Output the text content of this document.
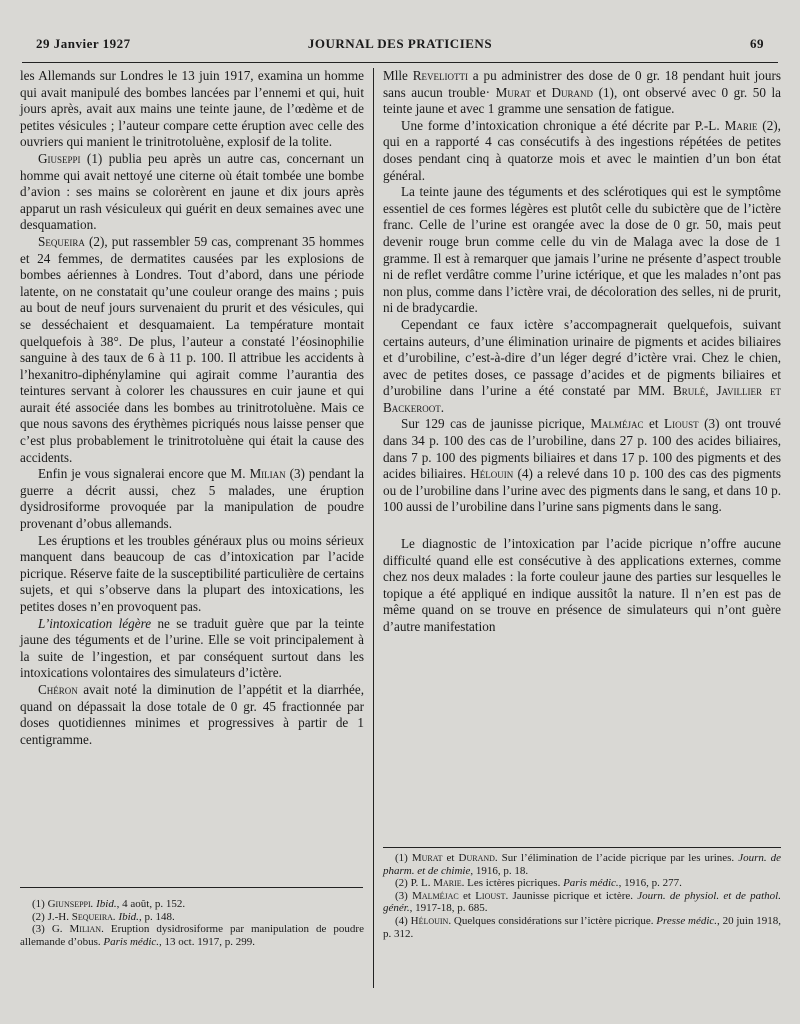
29 Janvier 1927	JOURNAL DES PRATICIENS	69

les Allemands sur Londres le 13 juin 1917, examina un homme qui avait manipulé des bombes lancées par l’ennemi et qui, huit jours après, avait aux mains une teinte jaune, de l’œdème et de petites vésicules ; l’auteur compare cette éruption avec celle des ouvriers qui manient le trinitrotoluène, explosif de la tolite.

Giuseppi (1) publia peu après un autre cas, concernant un homme qui avait nettoyé une citerne où était tombée une bombe d’avion : ses mains se colorèrent en jaune et dix jours après apparut un rash vésiculeux qui guérit en deux semaines avec une desquamation.

Sequeira (2), put rassembler 59 cas, comprenant 35 hommes et 24 femmes, de dermatites causées par les explosions de bombes aériennes à Londres. Tout d’abord, dans une période latente, on ne constatait qu’une couleur orange des mains ; puis au bout de neuf jours survenaient du prurit et des vésicules, qui se desséchaient et desquamaient. La température montait quelquefois à 38°. De plus, l’auteur a constaté l’éosinophilie sanguine à des taux de 6 à 11 p. 100. Il attribue les accidents à l’hexanitro-diphénylamine qui agirait comme l’aurantia des teintures servant à colorer les chaussures en cuir jaune et qui aurait été associée dans les bombes au trinitrotoluène. Mais ce que nous savons des érythèmes picriqués nous laisse penser que c’est plus probablement le trinitrotoluène qui était la cause des accidents.

Enfin je vous signalerai encore que M. Milian (3) pendant la guerre a décrit aussi, chez 5 malades, une éruption dysidrosiforme provoquée par la manipulation de poudre provenant d’obus allemands.

Les éruptions et les troubles généraux plus ou moins sérieux manquent dans beaucoup de cas d’intoxication par l’acide picrique. Réserve faite de la susceptibilité particulière de certains sujets, et qui s’observe dans la plupart des intoxications, les petites doses n’en provoquent pas.

L’intoxication légère ne se traduit guère que par la teinte jaune des téguments et de l’urine. Elle se voit principalement à la suite de l’ingestion, et par conséquent surtout dans les intoxications volontaires des simulateurs d’ictère.

Chéron avait noté la diminution de l’appétit et la diarrhée, quand on dépassait la dose totale de 0 gr. 45 fractionnée par doses quotidiennes minimes et progressives à partir de 1 centigramme.

(1) Giunseppi. Ibid., 4 août, p. 152.

(2) J.-H. Sequeira. Ibid., p. 148.

(3) G. Milian. Eruption dysidrosiforme par manipulation de poudre allemande d’obus. Paris médic., 13 oct. 1917, p. 299.

Mlle Reveliotti a pu administrer des dose de 0 gr. 18 pendant huit jours sans aucun trouble· Murat et Durand (1), ont observé avec 0 gr. 50 la teinte jaune et avec 1 gramme une sensation de fatigue.

Une forme d’intoxication chronique a été décrite par P.-L. Marie (2), qui en a rapporté 4 cas consécutifs à des ingestions répétées de petites doses pendant cinq à quatorze mois et avec le maintien d’un bon état général.

La teinte jaune des téguments et des sclérotiques qui est le symptôme essentiel de ces formes légères est plutôt celle du subictère que de l’ictère franc. Celle de l’urine est orangée avec la dose de 0 gr. 50, mais peut devenir rouge brun comme celle du vin de Malaga avec la dose de 1 gramme. Il est à remarquer que jamais l’urine ne présente d’aspect trouble ni de reflet verdâtre comme l’urine ictérique, et que les malades n’ont pas non plus, comme dans l’ictère vrai, de décoloration des selles, ni de prurit, ni de bradycardie.

Cependant ce faux ictère s’accompagnerait quelquefois, suivant certains auteurs, d’une élimination urinaire de pigments et acides biliaires et d’urobiline, c’est-à-dire d’un léger degré d’ictère vrai. Chez le chien, avec de petites doses, ce passage d’acides et de pigments biliaires et d’urobiline dans l’urine a été constaté par MM. Brulé, Javillier et Backeroot.

Sur 129 cas de jaunisse picrique, Malméjac et Lioust (3) ont trouvé dans 34 p. 100 des cas de l’urobiline, dans 27 p. 100 des acides biliaires, dans 7 p. 100 des pigments biliaires et dans 17 p. 100 des pigments et des acides biliaires. Hélouin (4) a relevé dans 10 p. 100 des cas des pigments ou de l’urobiline dans l’urine avec des pigments dans le sang, et dans 10 p. 100 aussi de l’urobiline dans l’urine sans pigments dans le sang.

Le diagnostic de l’intoxication par l’acide picrique n’offre aucune difficulté quand elle est consécutive à des applications externes, comme chez nos deux malades : la forte couleur jaune des parties sur lesquelles le topique a été appliqué en indique aussitôt la nature. Il n’en est pas de même quand on se trouve en présence de simulateurs qui n’ont guère d’autre manifestation

(1) Murat et Durand. Sur l’élimination de l’acide picrique par les urines. Journ. de pharm. et de chimie, 1916, p. 18.

(2) P. L. Marie. Les ictères picriques. Paris médic., 1916, p. 277.

(3) Malméjac et Lioust. Jaunisse picrique et ictère. Journ. de physiol. et de pathol. génér., 1917-18, p. 685.

(4) Hélouin. Quelques considérations sur l’ictère picrique. Presse médic., 20 juin 1918, p. 312.
